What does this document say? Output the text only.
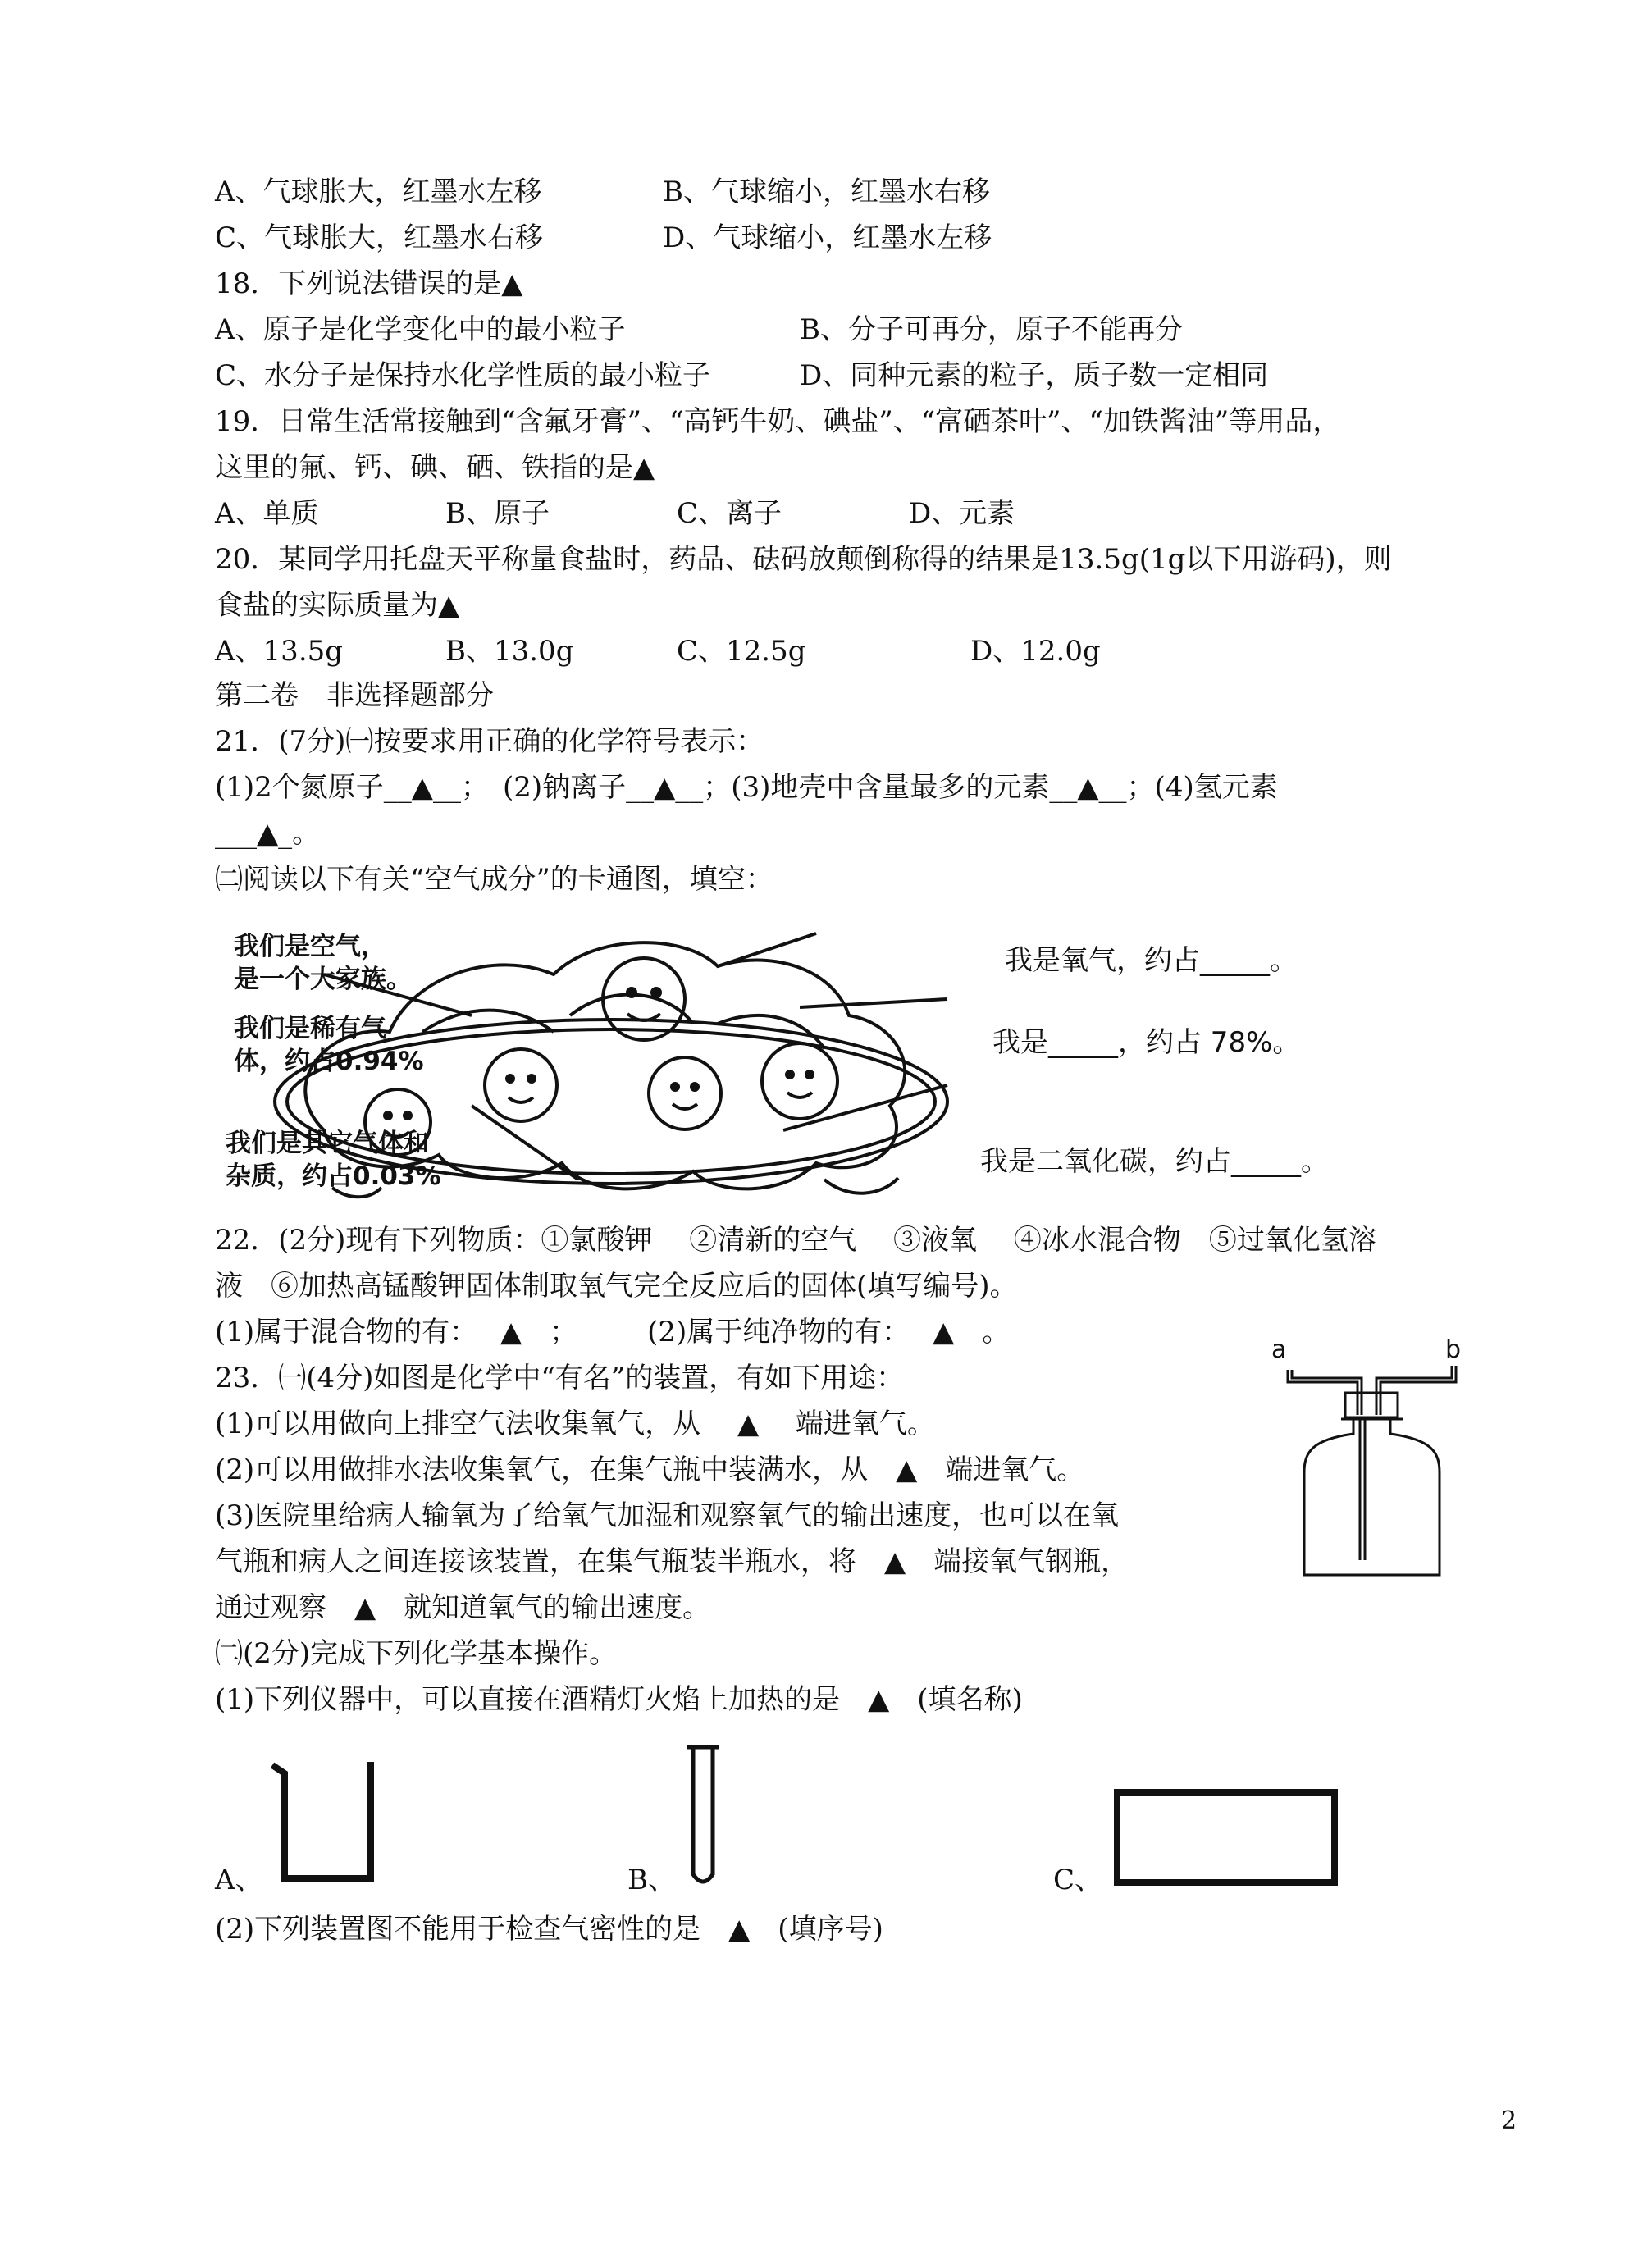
A、气球胀大，红墨水左移	B、气球缩小，红墨水右移
C、气球胀大，红墨水右移	D、气球缩小，红墨水左移
18．下列说法错误的是▲
A、原子是化学变化中的最小粒子	B、分子可再分，原子不能再分
C、水分子是保持水化学性质的最小粒子	D、同种元素的粒子，质子数一定相同
19．日常生活常接触到“含氟牙膏”、“高钙牛奶、碘盐”、“富硒茶叶”、“加铁酱油”等用品，
这里的氟、钙、碘、硒、铁指的是▲
A、单质	B、原子	C、离子	D、元素
20．某同学用托盘天平称量食盐时，药品、砝码放颠倒称得的结果是13.5g(1g以下用游码)，则
食盐的实际质量为▲
A、13.5g	B、13.0g	C、12.5g	D、12.0g
第二卷　非选择题部分
21．(7分)㈠按要求用正确的化学符号表示：
(1)2个氮原子__▲__；　(2)钠离子__▲__；(3)地壳中含量最多的元素__▲__；(4)氢元素
___▲_。
㈡阅读以下有关“空气成分”的卡通图，填空：
我们是空气，
是一个大家族。
我们是稀有气
体，约占0.94%
我们是其它气体和
杂质，约占0.03%
我是氧气，约占_____。
我是_____，约占 78%。
我是二氧化碳，约占_____。
22．(2分)现有下列物质：①氯酸钾　 ②清新的空气　 ③液氧　 ④冰水混合物　⑤过氧化氢溶
液　⑥加热高锰酸钾固体制取氧气完全反应后的固体(填写编号)。
(1)属于混合物的有：　 ▲　；　　　(2)属于纯净物的有：　 ▲　。
23．㈠(4分)如图是化学中“有名”的装置，有如下用途：
(1)可以用做向上排空气法收集氧气，从　 ▲　 端进氧气。
(2)可以用做排水法收集氧气，在集气瓶中装满水，从　▲　端进氧气。
(3)医院里给病人输氧为了给氧气加湿和观察氧气的输出速度，也可以在氧
气瓶和病人之间连接该装置，在集气瓶装半瓶水，将　▲　端接氧气钢瓶，
通过观察　▲　就知道氧气的输出速度。
㈡(2分)完成下列化学基本操作。
(1)下列仪器中，可以直接在酒精灯火焰上加热的是　▲　(填名称)
a	b
A、	B、	C、
(2)下列装置图不能用于检查气密性的是　▲　(填序号)
2
